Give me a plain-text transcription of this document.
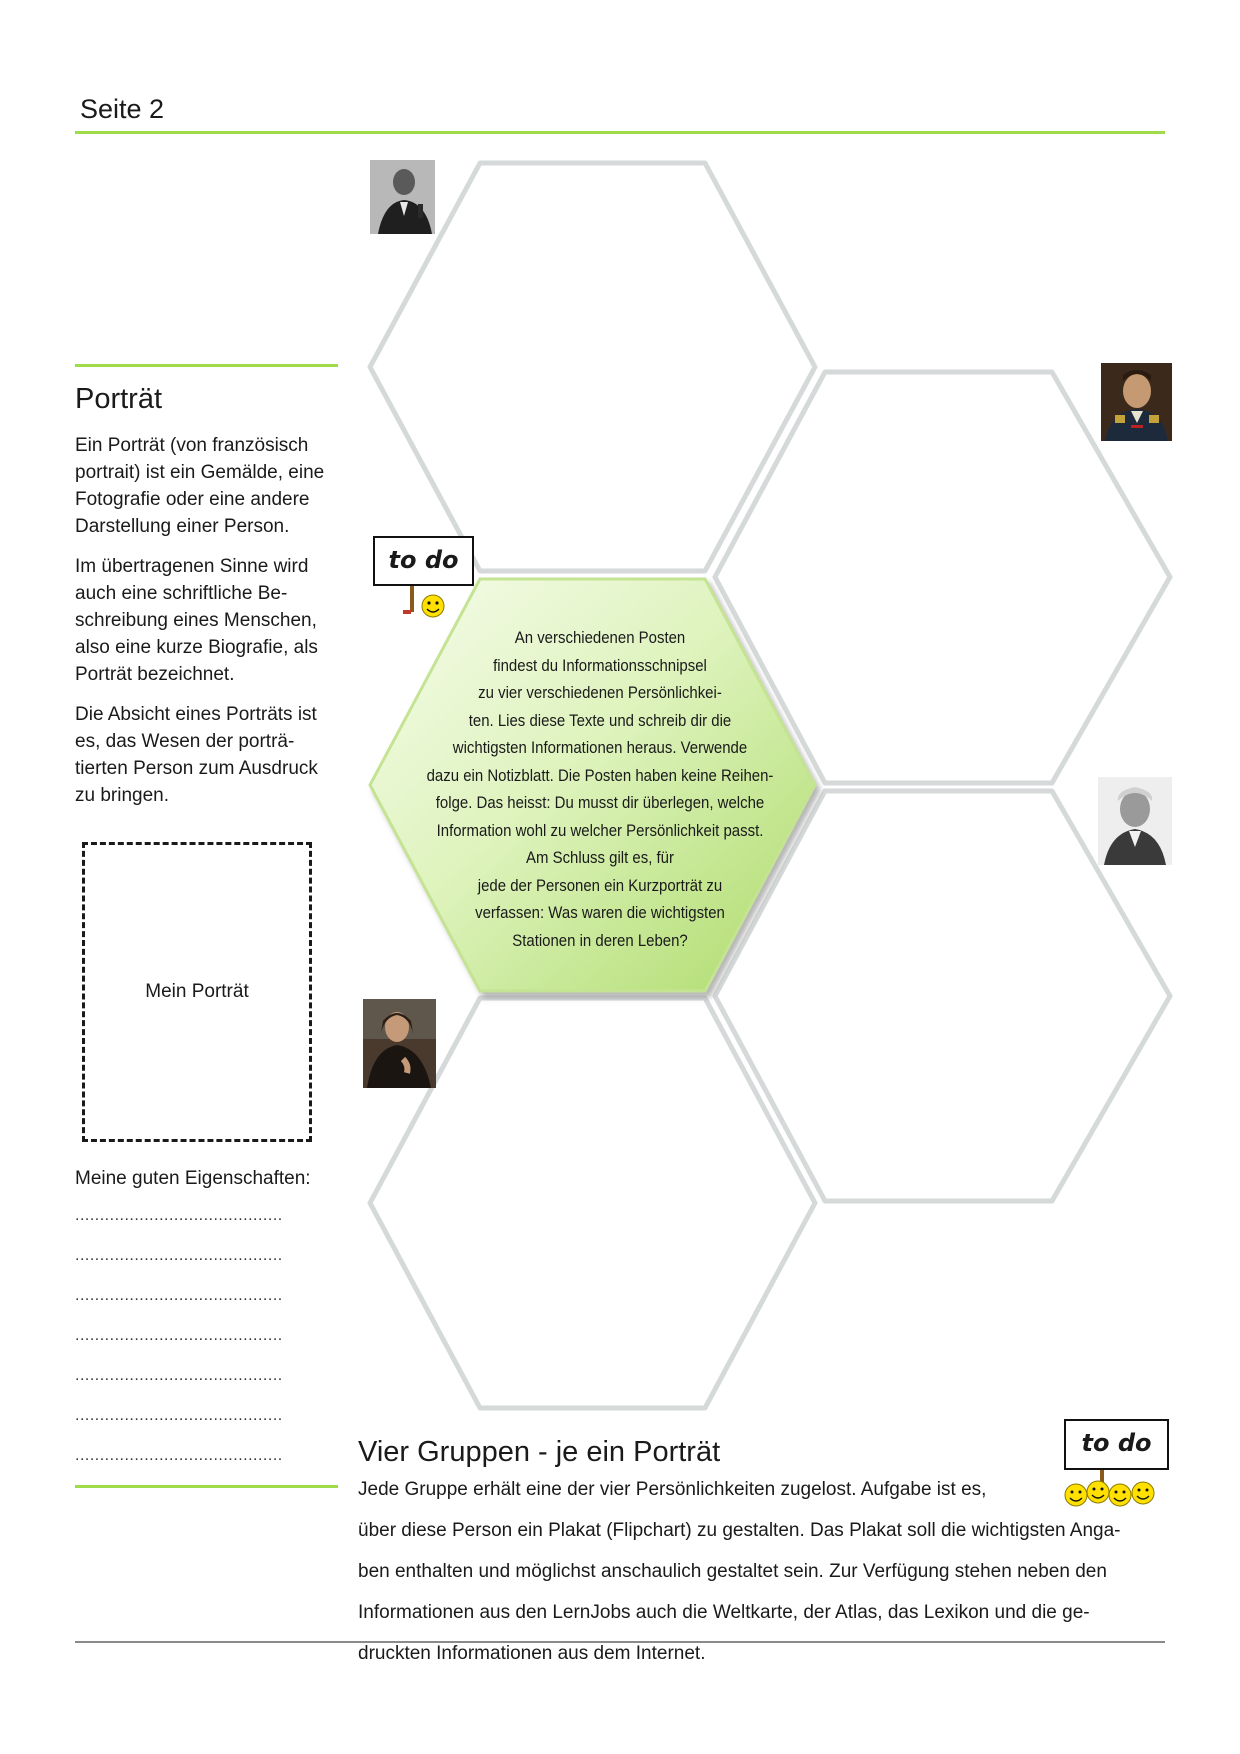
Seite 2
to do
to do
An verschiedenen Posten
findest du Informationsschnipsel
zu vier verschiedenen Persönlichkei-
ten. Lies diese Texte und schreib dir die
wichtigsten Informationen heraus. Verwende
dazu ein Notizblatt. Die Posten haben keine Reihen-
folge. Das heisst: Du musst dir überlegen, welche
Information wohl zu welcher Persönlichkeit passt.
Am Schluss gilt es, für
jede der Personen ein Kurzporträt zu
verfassen: Was waren die wichtigsten
Stationen in deren Leben?
Porträt

Ein Porträt (von französisch portrait) ist ein Gemälde, eine Fotografie oder eine andere Darstellung einer Person.

Im übertragenen Sinne wird auch eine schriftliche Be-schreibung eines Menschen, also eine kurze Biografie, als Porträt bezeichnet.

Die Absicht eines Porträts ist es, das Wesen der porträ-tierten Person zum Ausdruck zu bringen.

Mein Porträt
Meine guten Eigenschaften:
..........................................
..........................................
..........................................
..........................................
..........................................
..........................................
..........................................	Vier Gruppen - je ein Porträt
Jede Gruppe erhält eine der vier Persönlichkeiten zugelost. Aufgabe ist es,
über diese Person ein Plakat (Flipchart) zu gestalten. Das Plakat soll die wichtigsten Anga-
ben enthalten und möglichst anschaulich gestaltet sein. Zur Verfügung stehen neben den
Informationen aus den LernJobs auch die Weltkarte, der Atlas, das Lexikon und die ge-
druckten Informationen aus dem Internet.
